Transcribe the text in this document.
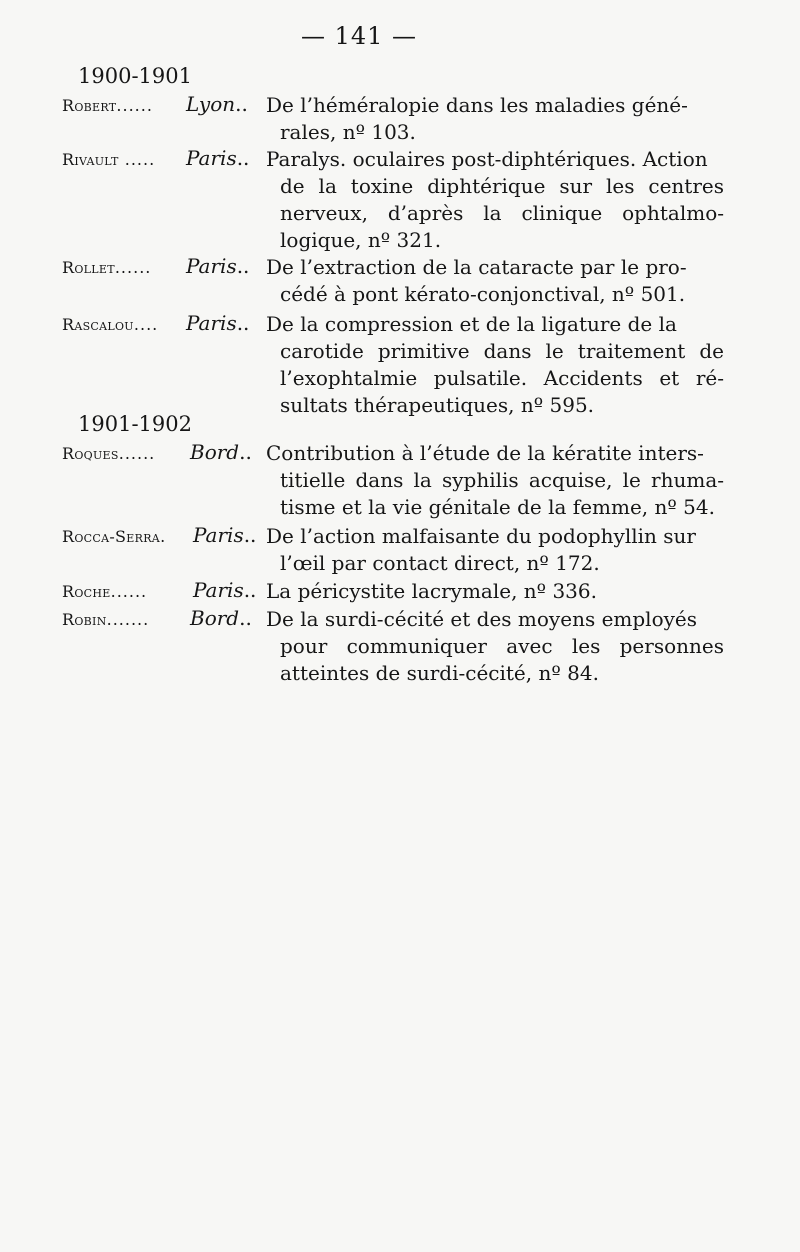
— 141 —
1900-1901
Robert...... Lyon.. De l’héméralopie dans les maladies géné-
rales, nº 103.
Rivault ..... Paris.. Paralys. oculaires post-diphtériques. Action
de la toxine diphtérique sur les centres nerveux, d’après la clinique ophtalmo-logique, nº 321.
Rollet...... Paris.. De l’extraction de la cataracte par le pro-
cédé à pont kérato-conjonctival, nº 501.
Rascalou.... Paris.. De la compression et de la ligature de la
carotide primitive dans le traitement de l’exophtalmie pulsatile. Accidents et ré-sultats thérapeutiques, nº 595.
1901-1902
Roques...... Bord.. Contribution à l’étude de la kératite inters-
titielle dans la syphilis acquise, le rhuma-tisme et la vie génitale de la femme, nº 54.
Rocca-Serra. Paris.. De l’action malfaisante du podophyllin sur
l’œil par contact direct, nº 172.
Roche...... Paris.. La péricystite lacrymale, nº 336.
Robin....... Bord.. De la surdi-cécité et des moyens employés
pour communiquer avec les personnes atteintes de surdi-cécité, nº 84.
